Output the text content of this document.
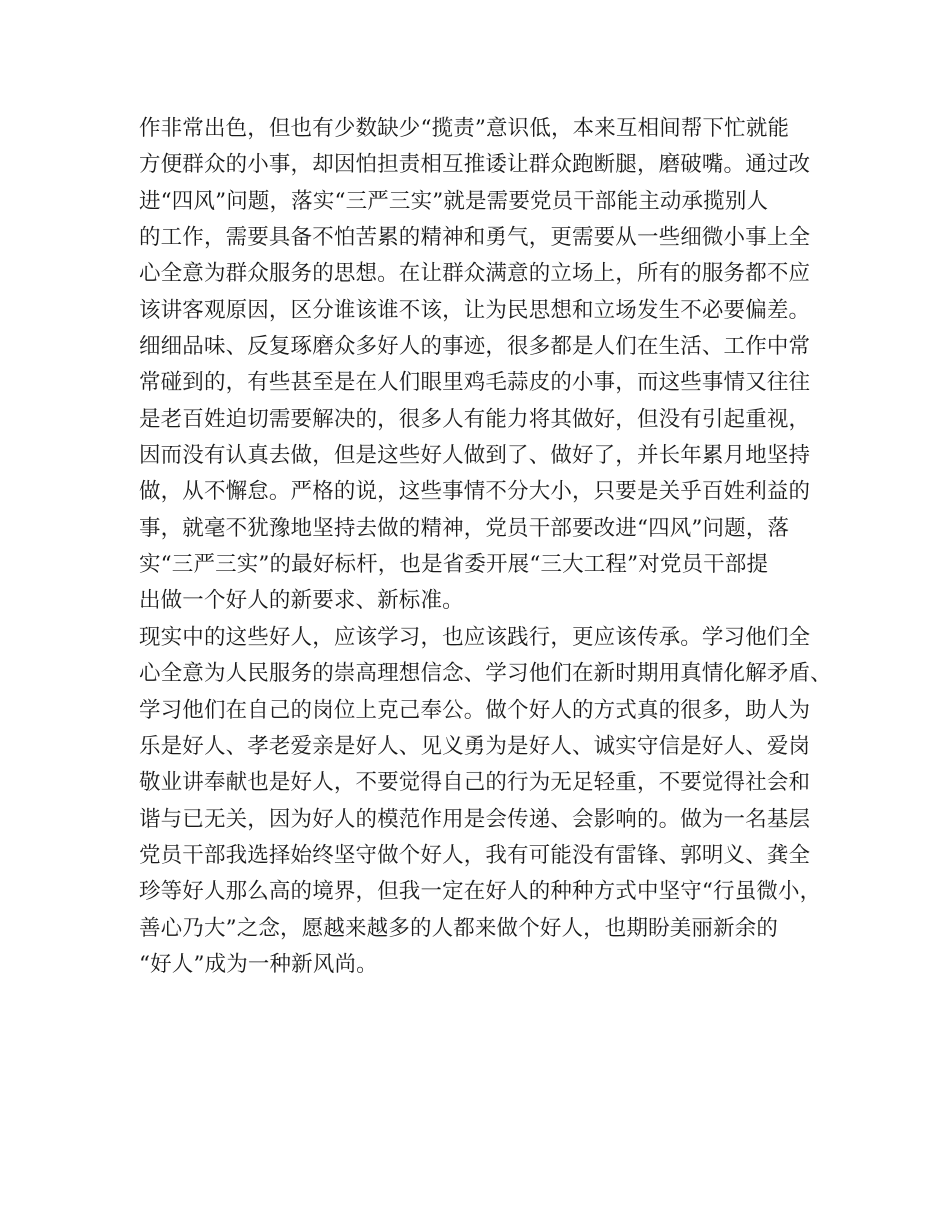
作非常出色，但也有少数缺少“揽责”意识低，本来互相间帮下忙就能
方便群众的小事，却因怕担责相互推诿让群众跑断腿，磨破嘴。通过改
进“四风”问题，落实“三严三实”就是需要党员干部能主动承揽别人
的工作，需要具备不怕苦累的精神和勇气，更需要从一些细微小事上全
心全意为群众服务的思想。在让群众满意的立场上，所有的服务都不应
该讲客观原因，区分谁该谁不该，让为民思想和立场发生不必要偏差。
细细品味、反复琢磨众多好人的事迹，很多都是人们在生活、工作中常
常碰到的，有些甚至是在人们眼里鸡毛蒜皮的小事，而这些事情又往往
是老百姓迫切需要解决的，很多人有能力将其做好，但没有引起重视，
因而没有认真去做，但是这些好人做到了、做好了，并长年累月地坚持
做，从不懈怠。严格的说，这些事情不分大小，只要是关乎百姓利益的
事，就毫不犹豫地坚持去做的精神，党员干部要改进“四风”问题，落
实“三严三实”的最好标杆，也是省委开展“三大工程”对党员干部提
出做一个好人的新要求、新标准。
现实中的这些好人，应该学习，也应该践行，更应该传承。学习他们全
心全意为人民服务的崇高理想信念、学习他们在新时期用真情化解矛盾、
学习他们在自己的岗位上克己奉公。做个好人的方式真的很多，助人为
乐是好人、孝老爱亲是好人、见义勇为是好人、诚实守信是好人、爱岗
敬业讲奉献也是好人，不要觉得自己的行为无足轻重，不要觉得社会和
谐与已无关，因为好人的模范作用是会传递、会影响的。做为一名基层
党员干部我选择始终坚守做个好人，我有可能没有雷锋、郭明义、龚全
珍等好人那么高的境界，但我一定在好人的种种方式中坚守“行虽微小，
善心乃大”之念，愿越来越多的人都来做个好人，也期盼美丽新余的
“好人”成为一种新风尚。
